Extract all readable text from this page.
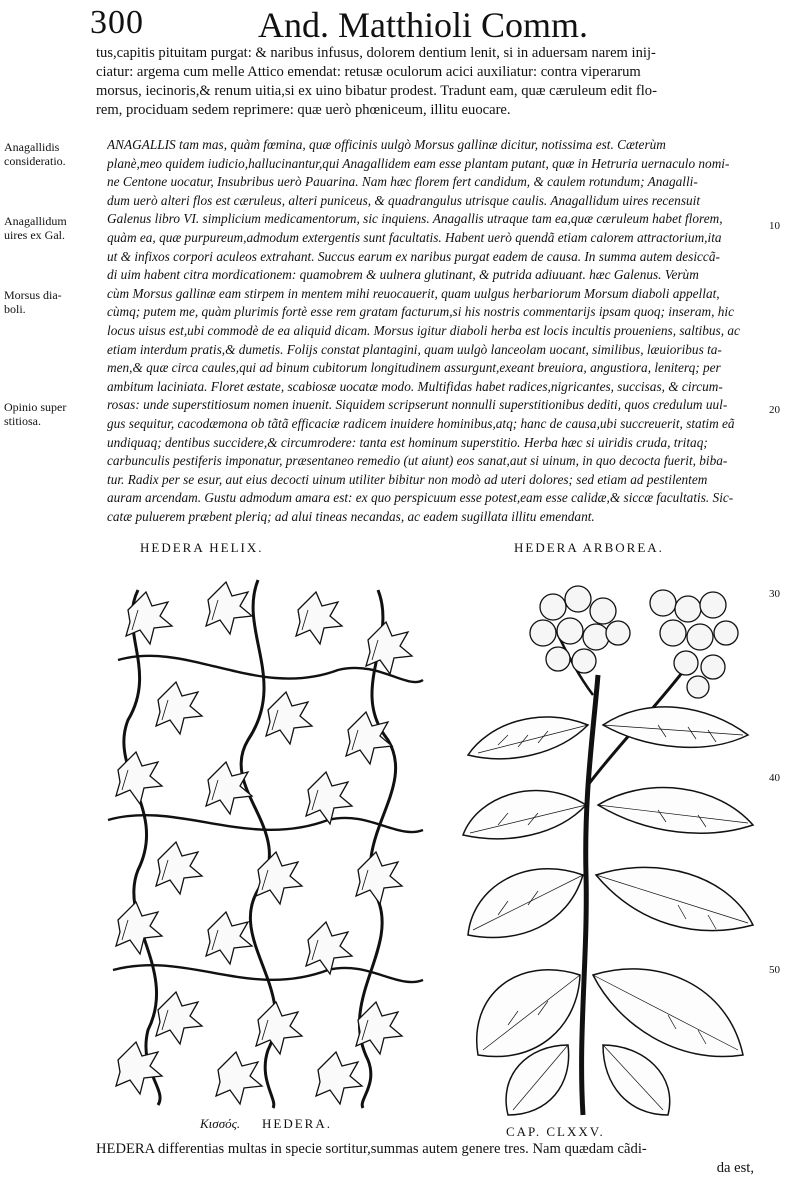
300	And. Matthioli Comm.
tus,capitis pituitam purgat: & naribus infusus, dolorem dentium lenit, si in aduersam narem inij-
ciatur: argema cum melle Attico emendat: retusæ oculorum acici auxiliatur: contra viperarum
morsus, iecinoris,& renum uitia,si ex uino bibatur prodest. Tradunt eam, quæ cæruleum edit flo-
rem, prociduam sedem reprimere: quæ uerò phœniceum, illitu euocare.
Anagallidis
consideratio.
Anagallidum
uires ex Gal.
Morsus dia-
boli.
Opinio super
stitiosa.
10
20
30
40
50
ANAGALLIS tam mas, quàm fœmina, quæ officinis uulgò Morsus gallinæ dicitur, notissima est. Cæterùm
planè,meo quidem iudicio,hallucinantur,qui Anagallidem eam esse plantam putant, quæ in Hetruria uernaculo nomi-
ne Centone uocatur, Insubribus uerò Pauarina. Nam hæc florem fert candidum, & caulem rotundum; Anagalli-
dum uerò alteri flos est cæruleus, alteri puniceus, & quadrangulus utrisque caulis. Anagallidum uires recensuit
Galenus libro VI. simplicium medicamentorum, sic inquiens. Anagallis utraque tam ea,quæ cæruleum habet florem,
quàm ea, quæ purpureum,admodum extergentis sunt facultatis. Habent uerò quendã etiam calorem attractorium,ita
ut & infixos corpori aculeos extrahant. Succus earum ex naribus purgat eadem de causa. In summa autem desiccã-
di uim habent citra mordicationem: quamobrem & uulnera glutinant, & putrida adiuuant. hæc Galenus. Verùm
cùm Morsus gallinæ eam stirpem in mentem mihi reuocauerit, quam uulgus herbariorum Morsum diaboli appellat,
cùmq; putem me, quàm plurimis fortè esse rem gratam facturum,si his nostris commentarijs ipsam quoq; inseram, hic
locus uisus est,ubi commodè de ea aliquid dicam. Morsus igitur diaboli herba est locis incultis proueniens, saltibus, ac
etiam interdum pratis,& dumetis. Folijs constat plantagini, quam uulgò lanceolam uocant, similibus, læuioribus ta-
men,& quæ circa caules,qui ad binum cubitorum longitudinem assurgunt,exeant breuiora, angustiora, leniterq; per
ambitum laciniata. Floret æstate, scabiosæ uocatæ modo. Multifidas habet radices,nigricantes, succisas, & circum-
rosas: unde superstitiosum nomen inuenit. Siquidem scripserunt nonnulli superstitionibus dediti, quos credulum uul-
gus sequitur, cacodæmona ob tãtã efficaciæ radicem inuidere hominibus,atq; hanc de causa,ubi succreuerit, statim eã
undiquaq; dentibus succidere,& circumrodere: tanta est hominum superstitio. Herba hæc si uiridis cruda, tritaq;
carbunculis pestiferis imponatur, præsentaneo remedio (ut aiunt) eos sanat,aut si uinum, in quo decocta fuerit, biba-
tur. Radix per se esur, aut eius decocti uinum utiliter bibitur non modò ad uteri dolores; sed etiam ad pestilentem
auram arcendam. Gustu admodum amara est: ex quo perspicuum esse potest,eam esse calidæ,& siccæ facultatis. Sic-
catæ puluerem præbent pleriq; ad alui tineas necandas, ac eadem sugillata illitu emendant.
HEDERA HELIX.	HEDERA ARBOREA.
Κισσός. HEDERA.
CAP. CLXXV.
HEDERA differentias multas in specie sortitur,summas autem genere tres. Nam quædam cãdi-
da est,
